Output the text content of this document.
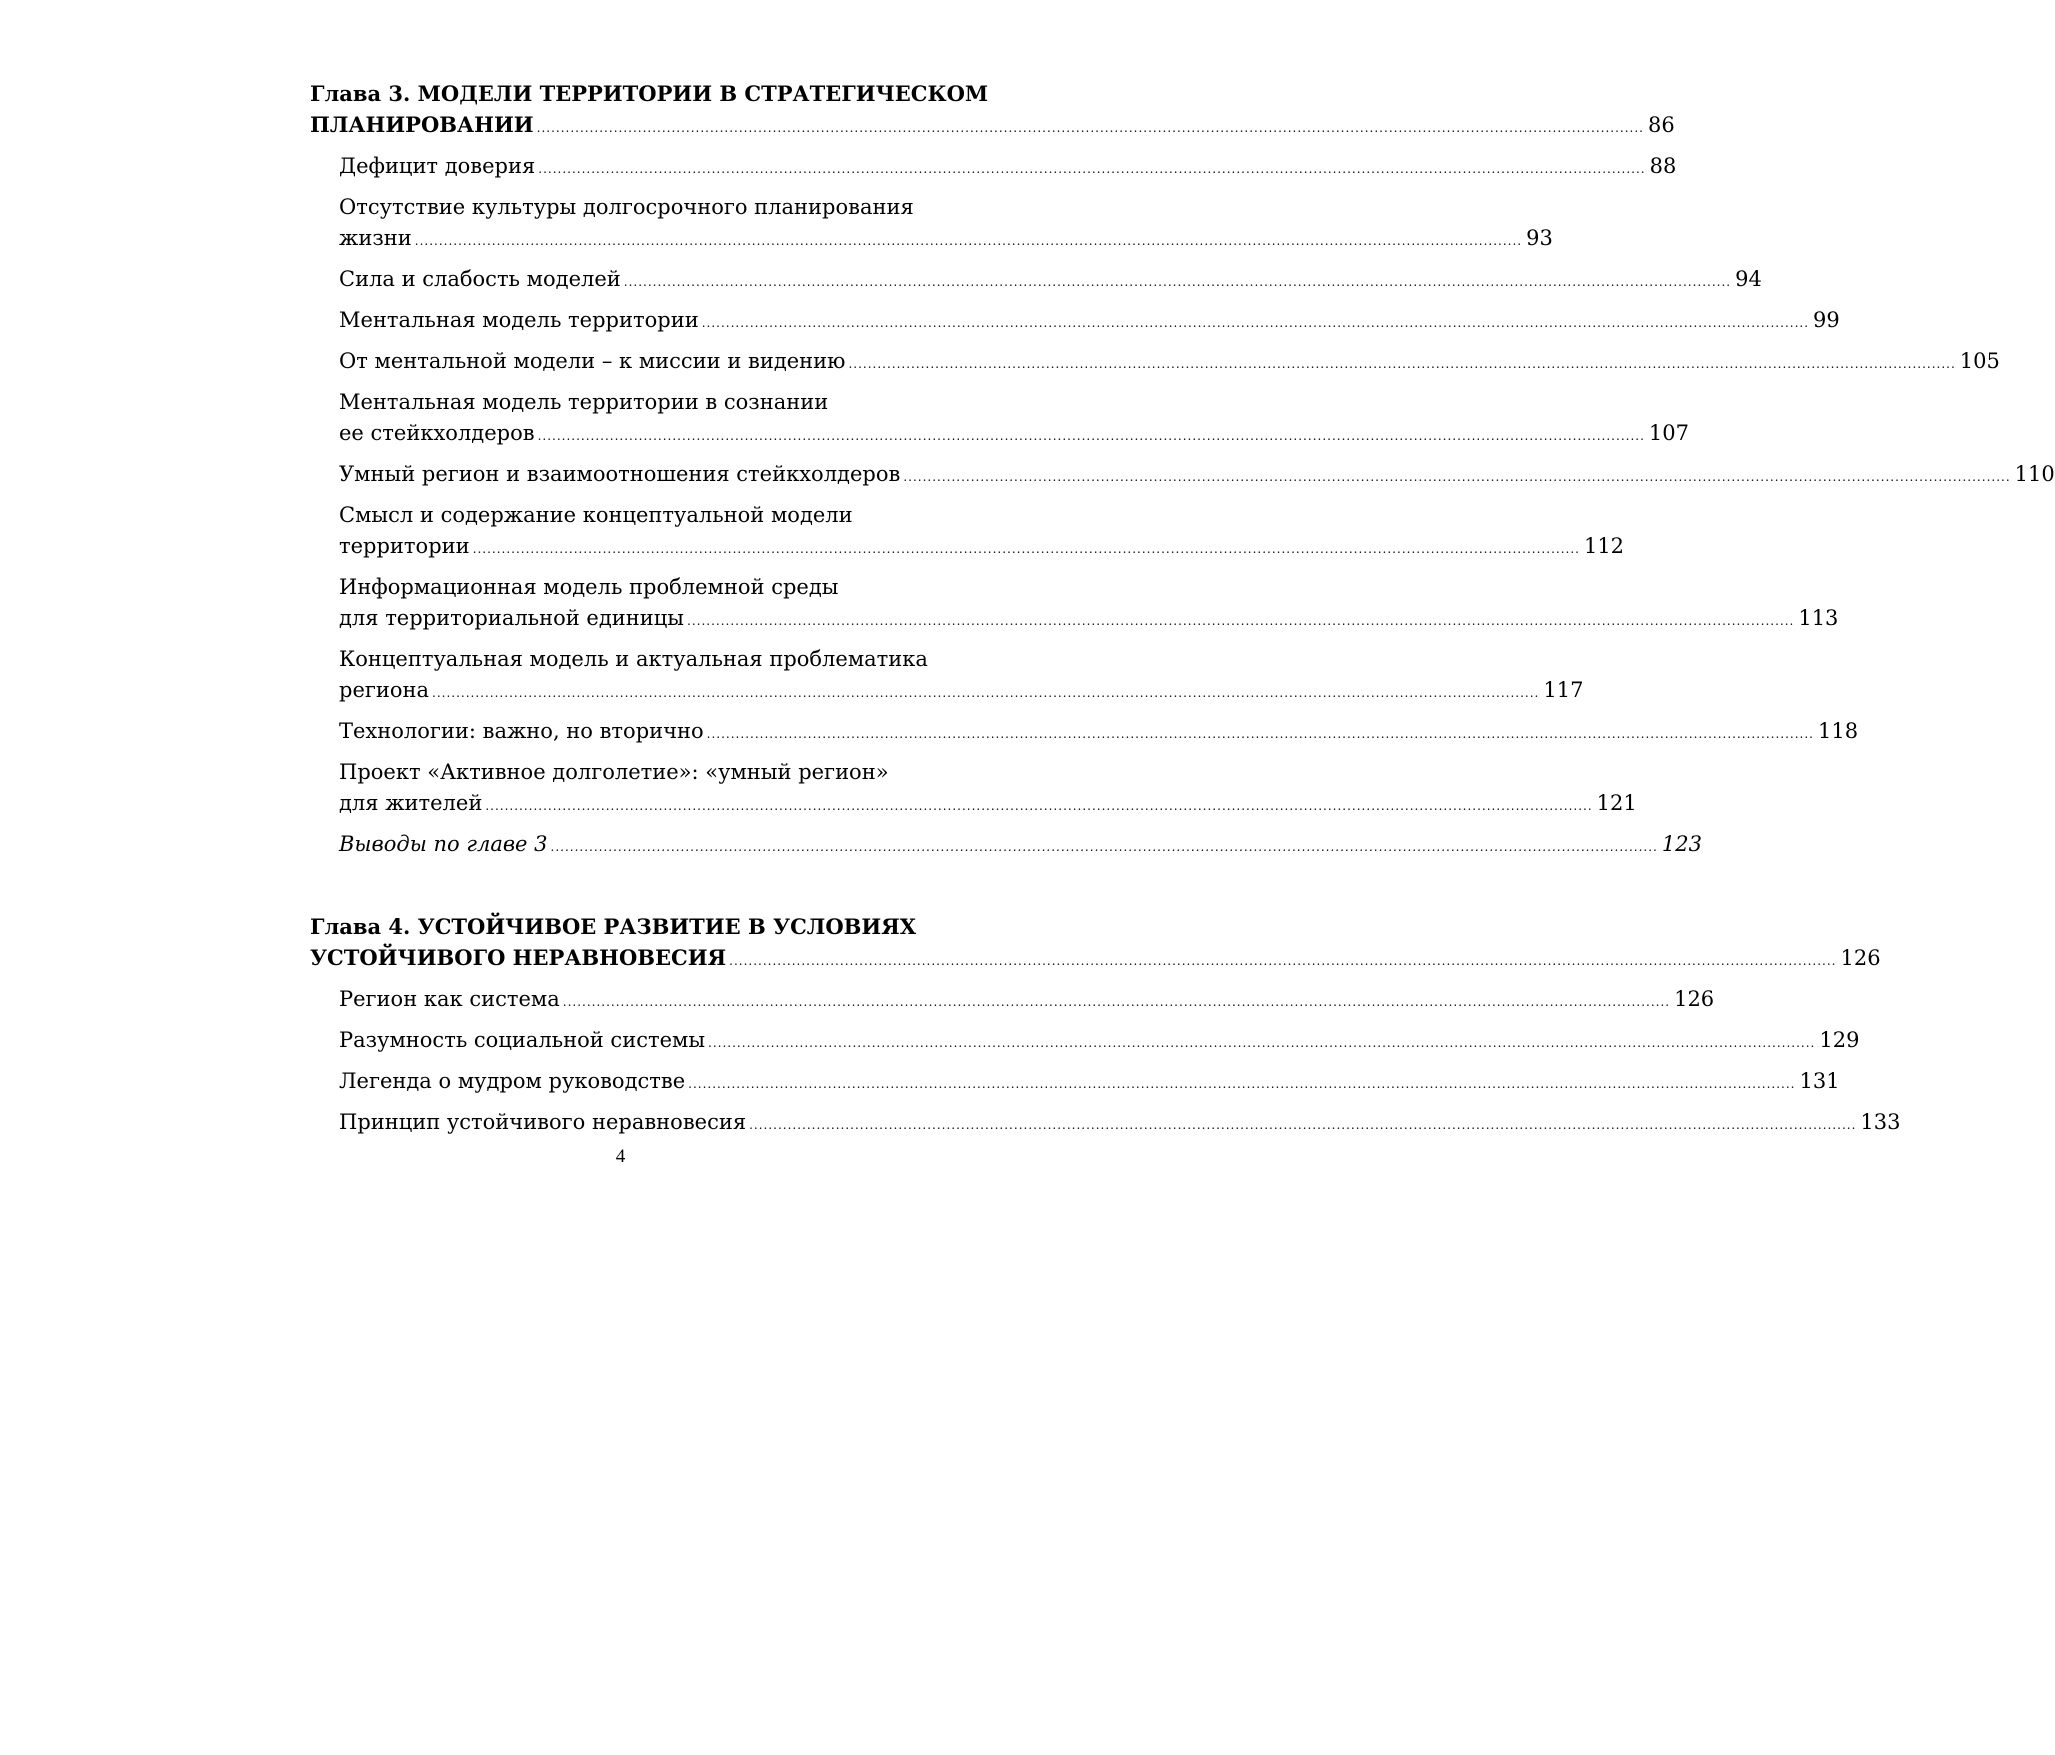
Глава 3. МОДЕЛИ ТЕРРИТОРИИ В СТРАТЕГИЧЕСКОМ
ПЛАНИРОВАНИИ .....	86
Дефицит доверия .....	88
Отсутствие культуры долгосрочного планирования
жизни .....	93
Сила и слабость моделей .....	94
Ментальная модель территории .....	99
От ментальной модели – к миссии и видению .....	105
Ментальная модель территории в сознании
ее стейкхолдеров .....	107
Умный регион и взаимоотношения стейкхолдеров .....	110
Смысл и содержание концептуальной модели
территории .....	112
Информационная модель проблемной среды
для территориальной единицы .....	113
Концептуальная модель и актуальная проблематика
региона .....	117
Технологии: важно, но вторично .....	118
Проект «Активное долголетие»: «умный регион»
для жителей .....	121
Выводы по главе 3 .....	123
Глава 4. УСТОЙЧИВОЕ РАЗВИТИЕ В УСЛОВИЯХ
УСТОЙЧИВОГО НЕРАВНОВЕСИЯ .....	126
Регион как система .....	126
Разумность социальной системы .....	129
Легенда о мудром руководстве .....	131
Принцип устойчивого неравновесия .....	133
4
